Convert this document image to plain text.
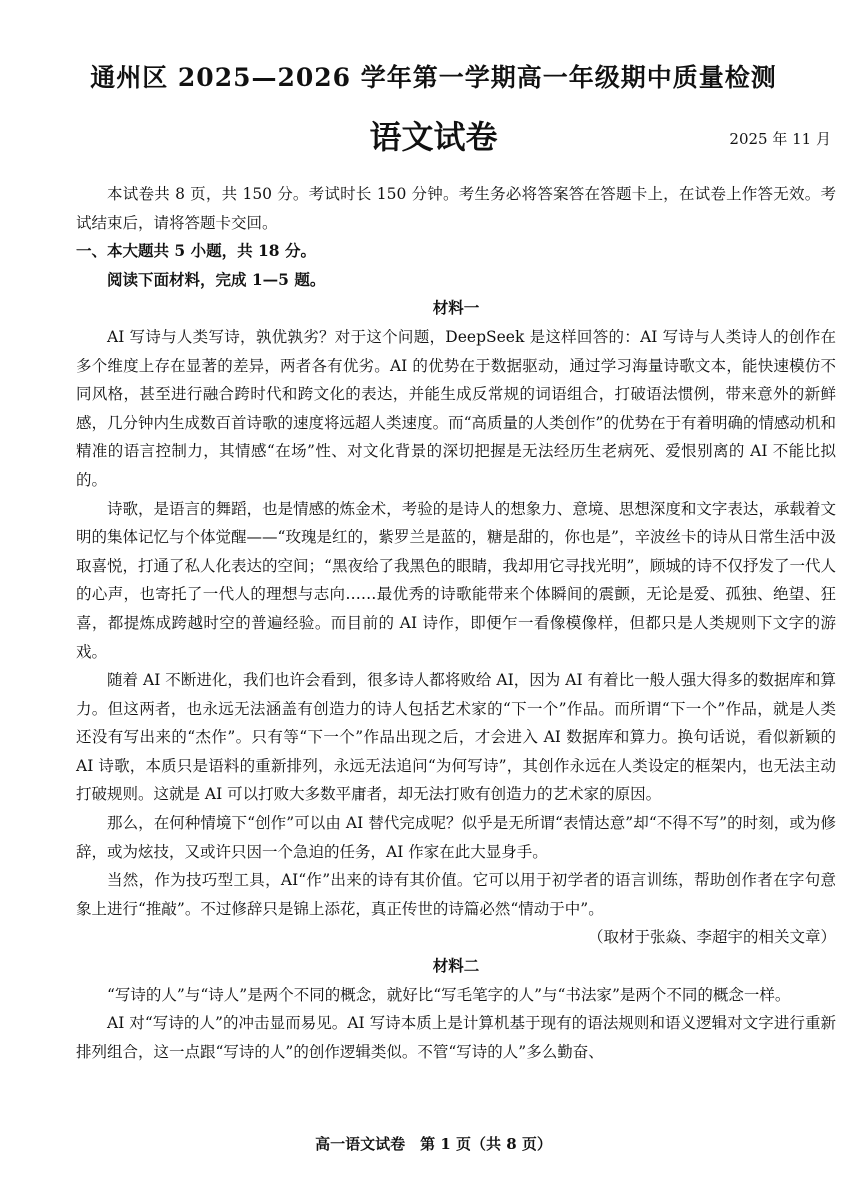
通州区 2025—2026 学年第一学期高一年级期中质量检测
语文试卷	2025 年 11 月

本试卷共 8 页，共 150 分。考试时长 150 分钟。考生务必将答案答在答题卡上，在试卷上作答无效。考试结束后，请将答题卡交回。

一、本大题共 5 小题，共 18 分。

阅读下面材料，完成 1—5 题。

材料一

AI 写诗与人类写诗，孰优孰劣？对于这个问题，DeepSeek 是这样回答的：AI 写诗与人类诗人的创作在多个维度上存在显著的差异，两者各有优劣。AI 的优势在于数据驱动，通过学习海量诗歌文本，能快速模仿不同风格，甚至进行融合跨时代和跨文化的表达，并能生成反常规的词语组合，打破语法惯例，带来意外的新鲜感，几分钟内生成数百首诗歌的速度将远超人类速度。而“高质量的人类创作”的优势在于有着明确的情感动机和精准的语言控制力，其情感“在场”性、对文化背景的深切把握是无法经历生老病死、爱恨别离的 AI 不能比拟的。

诗歌，是语言的舞蹈，也是情感的炼金术，考验的是诗人的想象力、意境、思想深度和文字表达，承载着文明的集体记忆与个体觉醒——“玫瑰是红的，紫罗兰是蓝的，糖是甜的，你也是”，辛波丝卡的诗从日常生活中汲取喜悦，打通了私人化表达的空间；“黑夜给了我黑色的眼睛，我却用它寻找光明”，顾城的诗不仅抒发了一代人的心声，也寄托了一代人的理想与志向……最优秀的诗歌能带来个体瞬间的震颤，无论是爱、孤独、绝望、狂喜，都提炼成跨越时空的普遍经验。而目前的 AI 诗作，即便乍一看像模像样，但都只是人类规则下文字的游戏。

随着 AI 不断进化，我们也许会看到，很多诗人都将败给 AI，因为 AI 有着比一般人强大得多的数据库和算力。但这两者，也永远无法涵盖有创造力的诗人包括艺术家的“下一个”作品。而所谓“下一个”作品，就是人类还没有写出来的“杰作”。只有等“下一个”作品出现之后，才会进入 AI 数据库和算力。换句话说，看似新颖的 AI 诗歌，本质只是语料的重新排列，永远无法追问“为何写诗”，其创作永远在人类设定的框架内，也无法主动打破规则。这就是 AI 可以打败大多数平庸者，却无法打败有创造力的艺术家的原因。

那么，在何种情境下“创作”可以由 AI 替代完成呢？似乎是无所谓“表情达意”却“不得不写”的时刻，或为修辞，或为炫技，又或许只因一个急迫的任务，AI 作家在此大显身手。

当然，作为技巧型工具，AI“作”出来的诗有其价值。它可以用于初学者的语言训练，帮助创作者在字句意象上进行“推敲”。不过修辞只是锦上添花，真正传世的诗篇必然“情动于中”。

（取材于张焱、李超宇的相关文章）

材料二

“写诗的人”与“诗人”是两个不同的概念，就好比“写毛笔字的人”与“书法家”是两个不同的概念一样。

AI 对“写诗的人”的冲击显而易见。AI 写诗本质上是计算机基于现有的语法规则和语义逻辑对文字进行重新排列组合，这一点跟“写诗的人”的创作逻辑类似。不管“写诗的人”多么勤奋、

高一语文试卷　第 1 页（共 8 页）
